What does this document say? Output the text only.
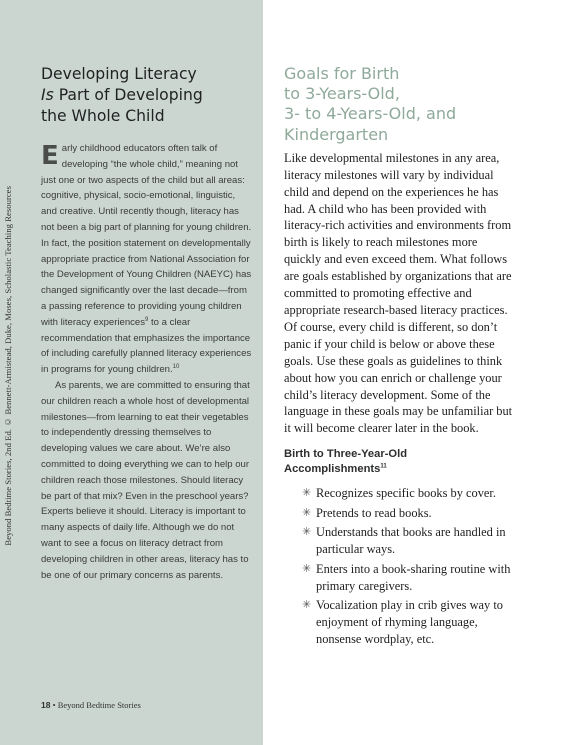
Beyond Bedtime Stories, 2nd Ed. © Bennett-Armistead, Duke, Moses, Scholastic Teaching Resources
Developing Literacy
Is Part of Developing
the Whole Child

Early childhood educators often talk of developing “the whole child,” meaning not just one or two aspects of the child but all areas: cognitive, physical, socio-emotional, linguistic, and creative. Until recently though, literacy has not been a big part of planning for young children. In fact, the position statement on developmentally appropriate practice from National Association for the Development of Young Children (NAEYC) has changed significantly over the last decade—from a passing reference to providing young children with literacy experiences$^9$ to a clear recommendation that emphasizes the importance of including carefully planned literacy experiences in programs for young children.$^{10}$

As parents, we are committed to ensuring that our children reach a whole host of developmental milestones—from learning to eat their vegetables to independently dressing themselves to developing values we care about. We’re also committed to doing everything we can to help our children reach those milestones. Should literacy be part of that mix? Even in the preschool years? Experts believe it should. Literacy is important to many aspects of daily life. Although we do not want to see a focus on literacy detract from developing children in other areas, literacy has to be one of our primary concerns as parents.

18 • Beyond Bedtime Stories
Goals for Birth
to 3-Years-Old,
3- to 4-Years-Old, and
Kindergarten

Like developmental milestones in any area, literacy milestones will vary by individual child and depend on the experiences he has had. A child who has been provided with literacy-rich activities and environments from birth is likely to reach milestones more quickly and even exceed them. What follows are goals established by organizations that are committed to promoting effective and appropriate research-based literacy practices. Of course, every child is different, so don’t panic if your child is below or above these goals. Use these goals as guidelines to think about how you can enrich or challenge your child’s literacy development. Some of the language in these goals may be unfamiliar but it will become clearer later in the book.

Birth to Three-Year-Old
Accomplishments$^{11}$
✳ Recognizes specific books by cover.
✳ Pretends to read books.
✳ Understands that books are handled in particular ways.
✳ Enters into a book-sharing routine with primary caregivers.
✳ Vocalization play in crib gives way to enjoyment of rhyming language, nonsense wordplay, etc.
